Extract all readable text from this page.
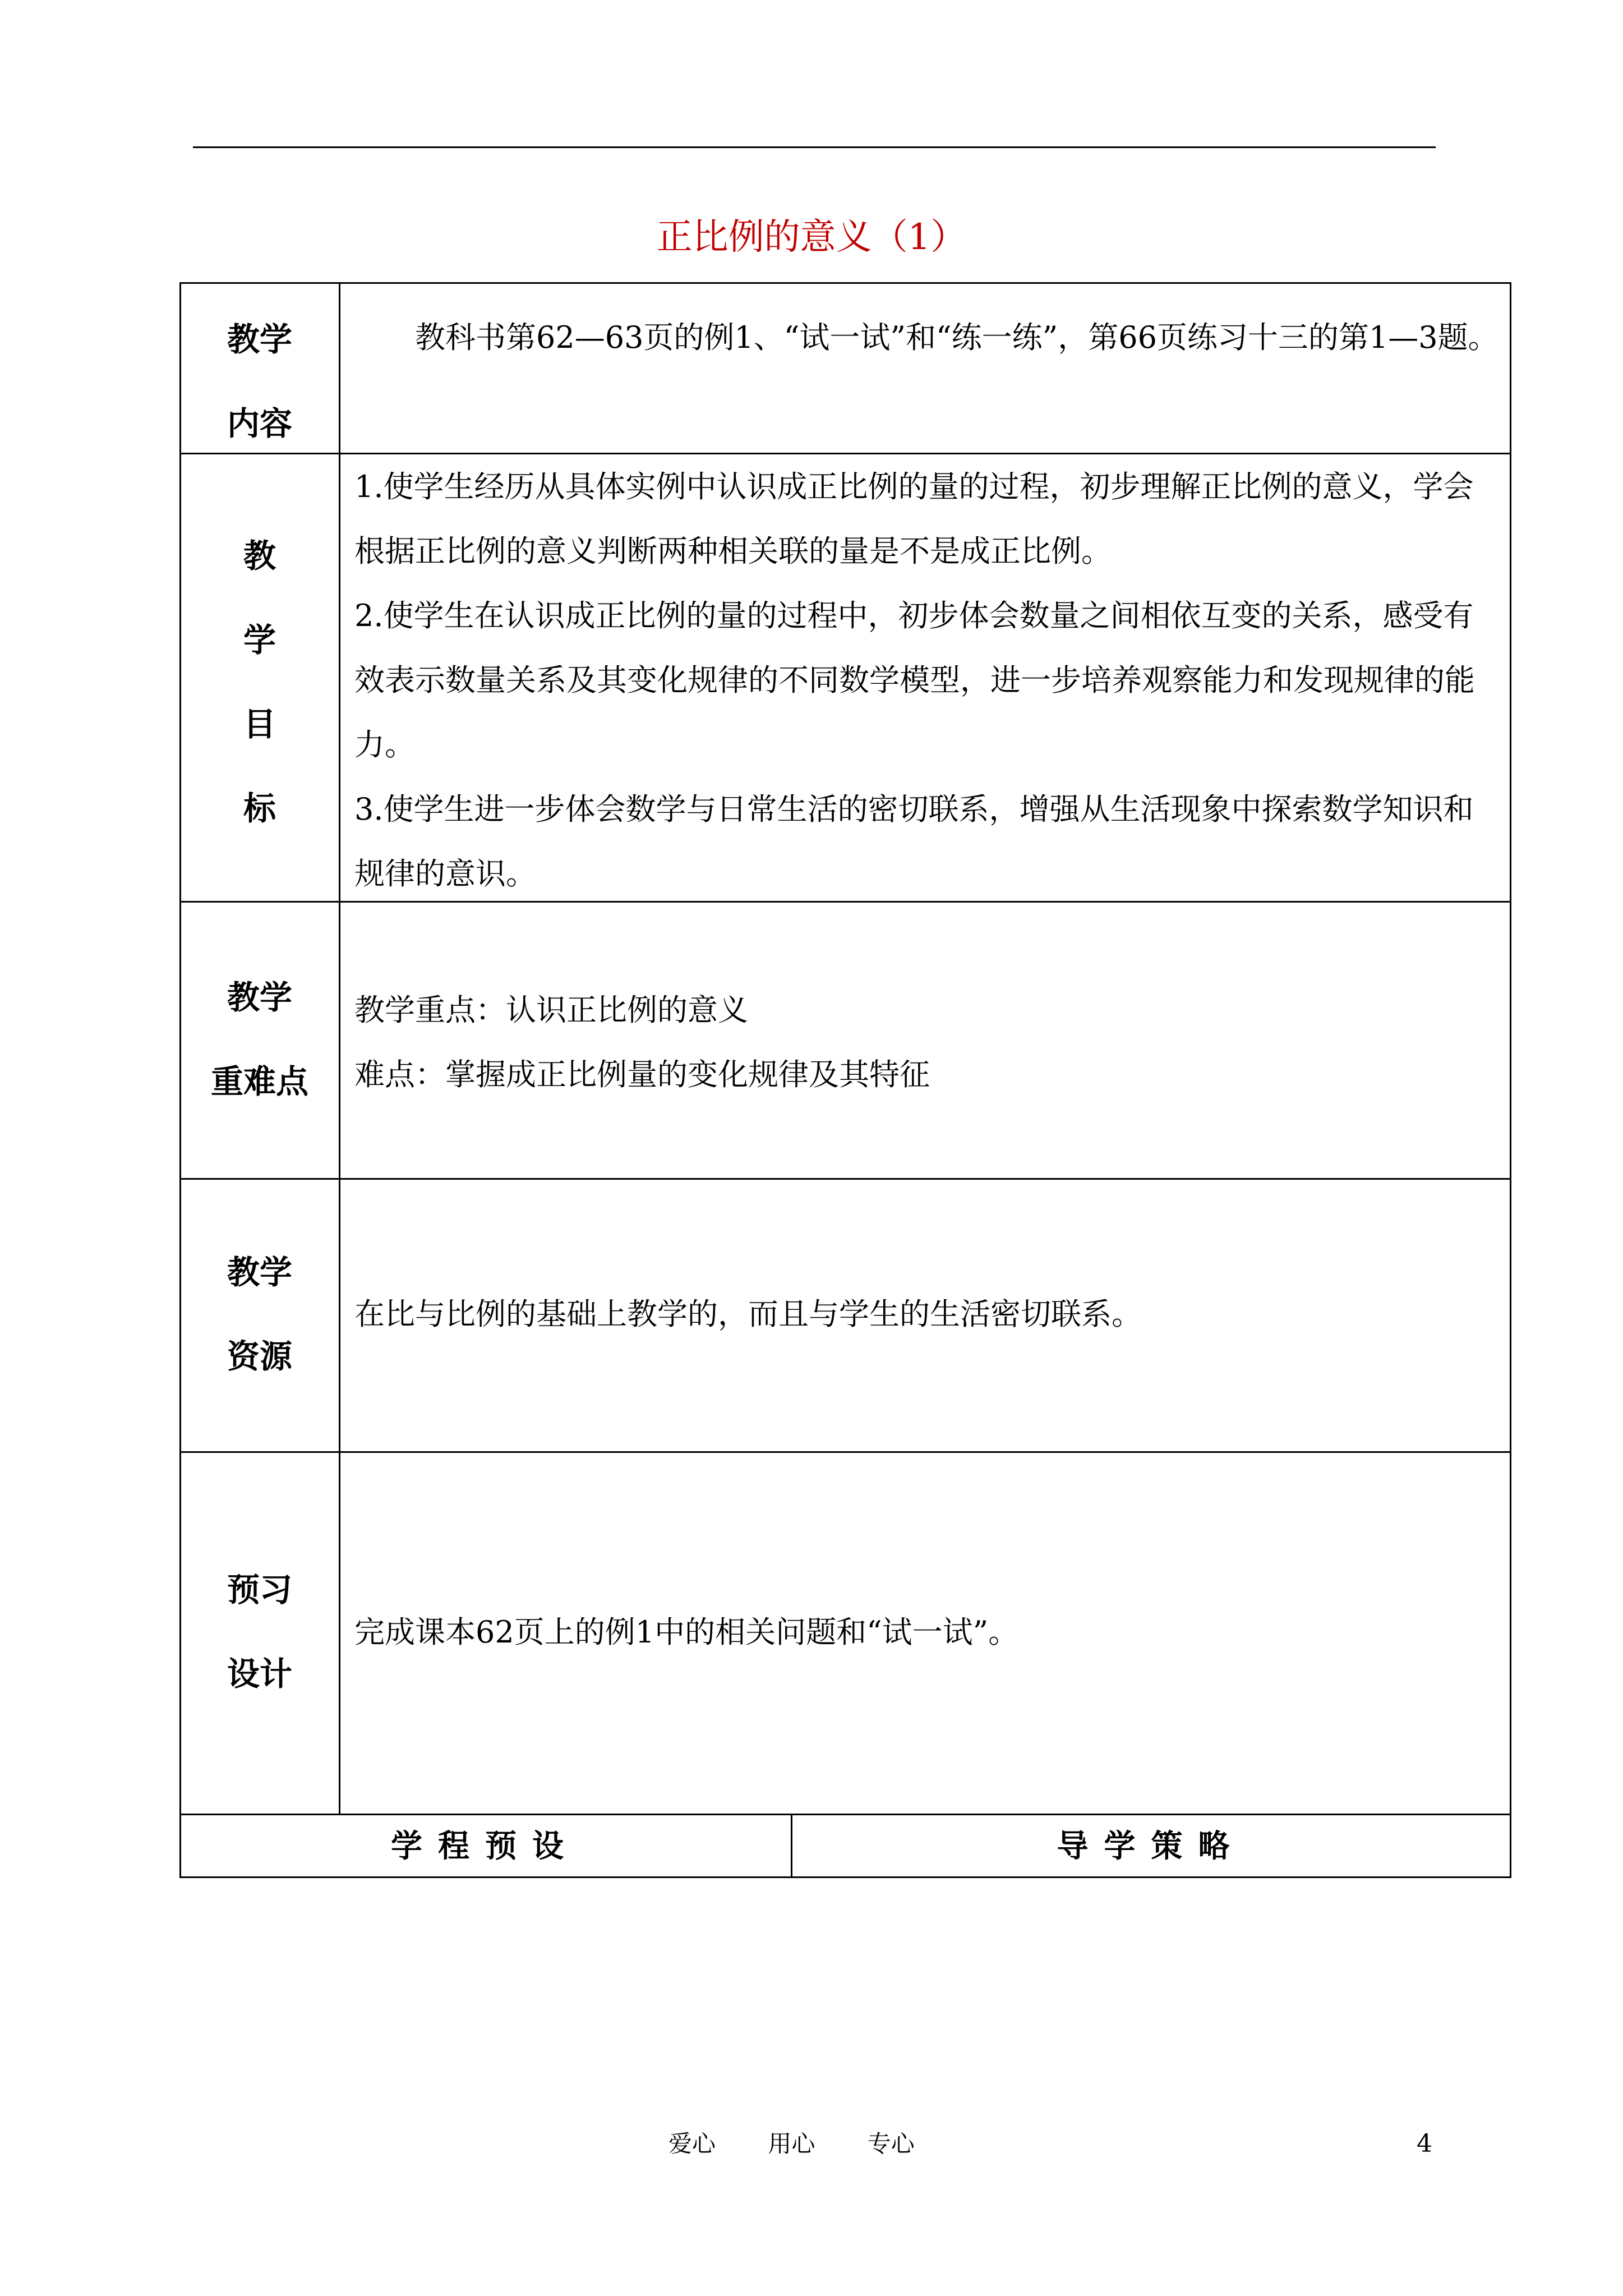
正比例的意义（1）
教学
内容

教科书第62—63页的例1、“试一试”和“练一练”，第66页练习十三的第1—3题。

教
学
目
标

1.使学生经历从具体实例中认识成正比例的量的过程，初步理解正比例的意义，学会根据正比例的意义判断两种相关联的量是不是成正比例。

2.使学生在认识成正比例的量的过程中，初步体会数量之间相依互变的关系，感受有效表示数量关系及其变化规律的不同数学模型，进一步培养观察能力和发现规律的能力。

3.使学生进一步体会数学与日常生活的密切联系，增强从生活现象中探索数学知识和规律的意识。

教学
重难点

教学重点：认识正比例的意义

难点：掌握成正比例量的变化规律及其特征

教学
资源

在比与比例的基础上教学的，而且与学生的生活密切联系。

预习
设计

完成课本62页上的例1中的相关问题和“试一试”。

学程预设	导学策略
爱心 用心 专心	4
